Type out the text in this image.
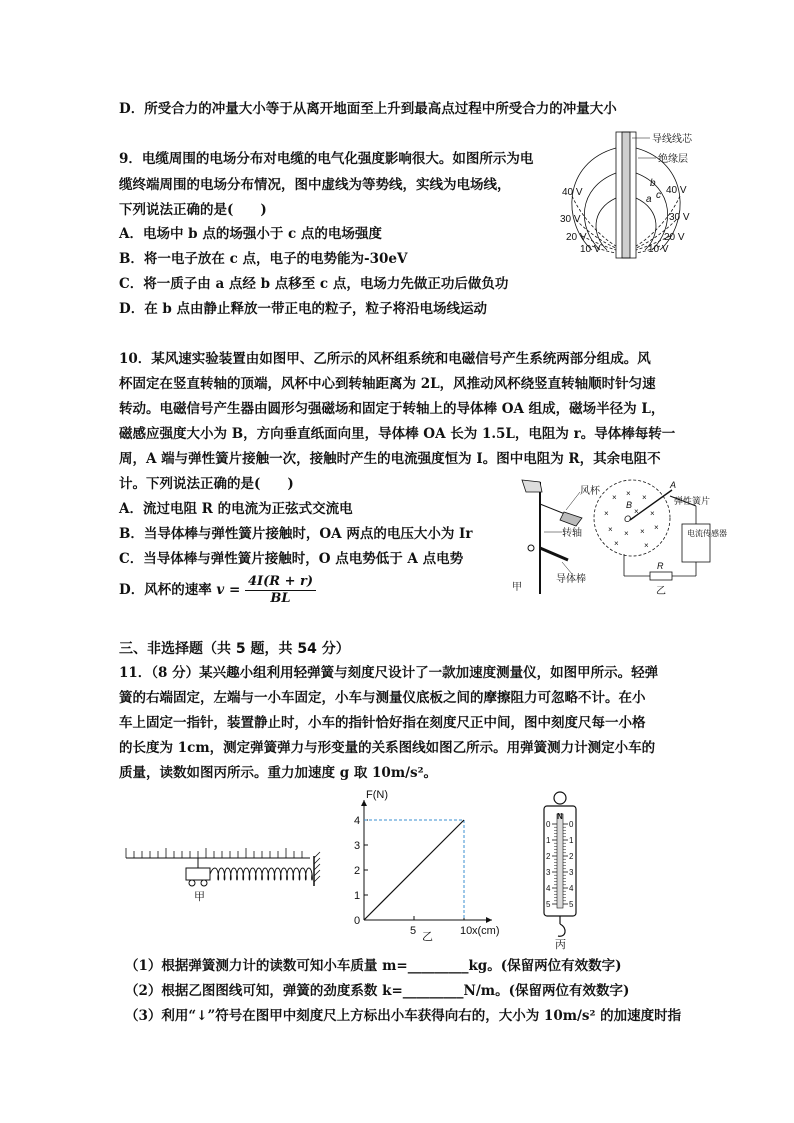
D．所受合力的冲量大小等于从离开地面至上升到最高点过程中所受合力的冲量大小
9．电缆周围的电场分布对电缆的电气化强度影响很大。如图所示为电
缆终端周围的电场分布情况，图中虚线为等势线，实线为电场线，
下列说法正确的是(　　)
A．电场中 b 点的场强小于 c 点的电场强度
B．将一电子放在 c 点，电子的电势能为-30eV
C．将一质子由 a 点经 b 点移至 c 点，电场力先做正功后做负功
D．在 b 点由静止释放一带正电的粒子，粒子将沿电场线运动
导线线芯
绝缘层
a
b
c
40 V	40 V
30 V	30 V
20 V	20 V
10 V	10 V
10．某风速实验装置由如图甲、乙所示的风杯组系统和电磁信号产生系统两部分组成。风
杯固定在竖直转轴的顶端，风杯中心到转轴距离为 2L，风推动风杯绕竖直转轴顺时针匀速
转动。电磁信号产生器由圆形匀强磁场和固定于转轴上的导体棒 OA 组成，磁场半径为 L，
磁感应强度大小为 B，方向垂直纸面向里，导体棒 OA 长为 1.5L，电阻为 r。导体棒每转一
周，A 端与弹性簧片接触一次，接触时产生的电流强度恒为 I。图中电阻为 R，其余电阻不
计。下列说法正确的是(　　)
A．流过电阻 R 的电流为正弦式交流电
B．当导体棒与弹性簧片接触时，OA 两点的电压大小为 Ir
C．当导体棒与弹性簧片接触时，O 点电势低于 A 点电势
D．风杯的速率 $v = \frac{4I(R + r)}{BL}$
风杯
转轴
导体棒
甲
× × ×
×	×
× × × ×
×
×	×
O
B
A
弹性簧片
电流传感器
R
乙
三、非选择题（共 5 题，共 54 分）
11．（8 分）某兴趣小组利用轻弹簧与刻度尺设计了一款加速度测量仪，如图甲所示。轻弹
簧的右端固定，左端与一小车固定，小车与测量仪底板之间的摩擦阻力可忽略不计。在小
车上固定一指针，装置静止时，小车的指针恰好指在刻度尺正中间，图中刻度尺每一小格
的长度为 1cm，测定弹簧弹力与形变量的关系图线如图乙所示。用弹簧测力计测定小车的
质量，读数如图丙所示。重力加速度 g 取 10m/s²。
甲
0
1
2
3
4
5	10
F(N)
x(cm)
乙
N
0 0
1 1
2 2
3 3
4 4
5 5
丙
（1）根据弹簧测力计的读数可知小车质量 m=_________kg。(保留两位有效数字)
（2）根据乙图图线可知，弹簧的劲度系数 k=_________N/m。(保留两位有效数字)
（3）利用“↓”符号在图甲中刻度尺上方标出小车获得向右的，大小为 10m/s² 的加速度时指
